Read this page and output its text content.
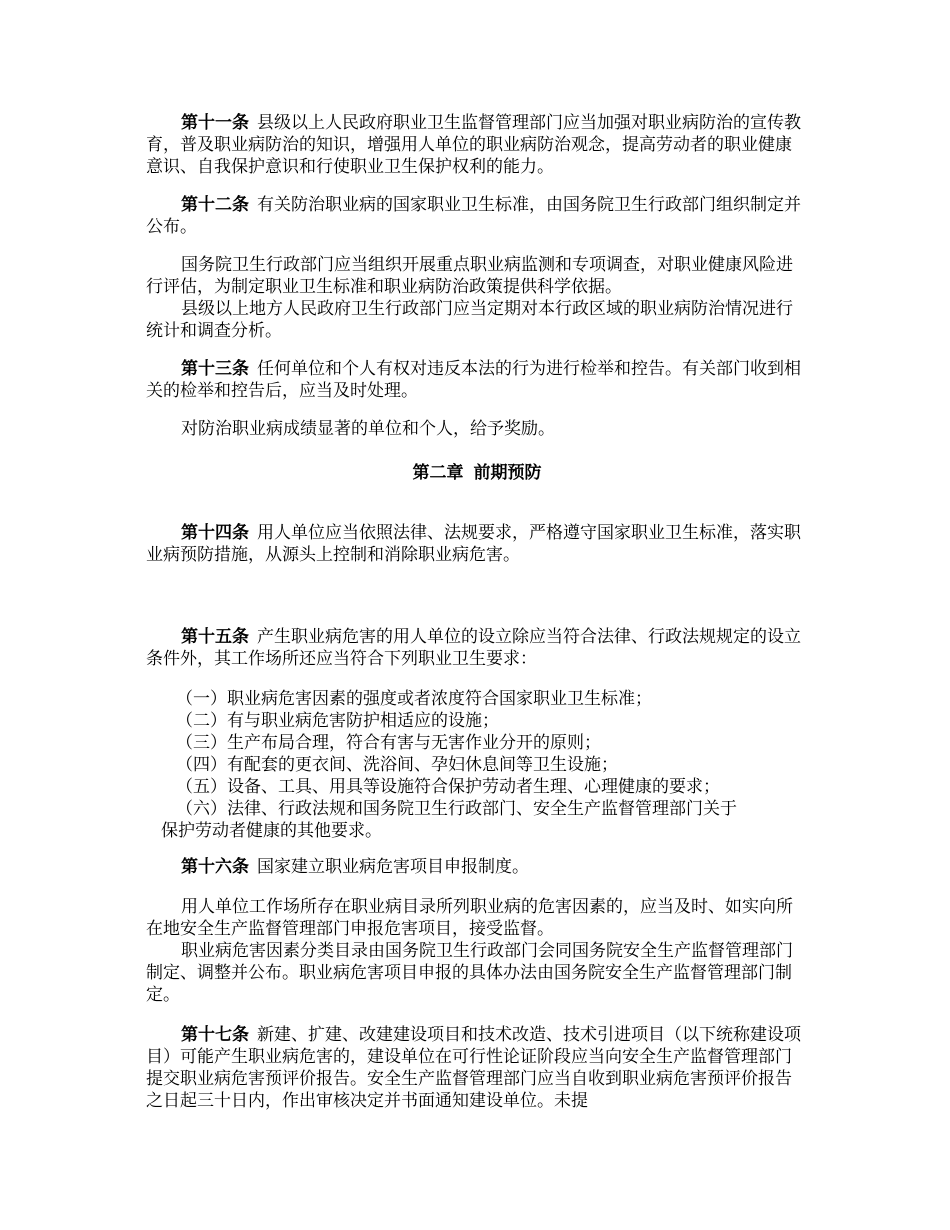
第十一条 县级以上人民政府职业卫生监督管理部门应当加强对职业病防治的宣传教育，普及职业病防治的知识，增强用人单位的职业病防治观念，提高劳动者的职业健康意识、自我保护意识和行使职业卫生保护权利的能力。

第十二条 有关防治职业病的国家职业卫生标准，由国务院卫生行政部门组织制定并公布。

国务院卫生行政部门应当组织开展重点职业病监测和专项调查，对职业健康风险进行评估，为制定职业卫生标准和职业病防治政策提供科学依据。

县级以上地方人民政府卫生行政部门应当定期对本行政区域的职业病防治情况进行统计和调查分析。

第十三条 任何单位和个人有权对违反本法的行为进行检举和控告。有关部门收到相关的检举和控告后，应当及时处理。

对防治职业病成绩显著的单位和个人，给予奖励。

第二章 前期预防

第十四条 用人单位应当依照法律、法规要求，严格遵守国家职业卫生标准，落实职业病预防措施，从源头上控制和消除职业病危害。

第十五条 产生职业病危害的用人单位的设立除应当符合法律、行政法规规定的设立条件外，其工作场所还应当符合下列职业卫生要求：

（一）职业病危害因素的强度或者浓度符合国家职业卫生标准；
（二）有与职业病危害防护相适应的设施；
（三）生产布局合理，符合有害与无害作业分开的原则；
（四）有配套的更衣间、洗浴间、孕妇休息间等卫生设施；
（五）设备、工具、用具等设施符合保护劳动者生理、心理健康的要求；
（六）法律、行政法规和国务院卫生行政部门、安全生产监督管理部门关于
保护劳动者健康的其他要求。

第十六条 国家建立职业病危害项目申报制度。

用人单位工作场所存在职业病目录所列职业病的危害因素的，应当及时、如实向所在地安全生产监督管理部门申报危害项目，接受监督。

职业病危害因素分类目录由国务院卫生行政部门会同国务院安全生产监督管理部门制定、调整并公布。职业病危害项目申报的具体办法由国务院安全生产监督管理部门制定。

第十七条 新建、扩建、改建建设项目和技术改造、技术引进项目（以下统称建设项目）可能产生职业病危害的，建设单位在可行性论证阶段应当向安全生产监督管理部门提交职业病危害预评价报告。安全生产监督管理部门应当自收到职业病危害预评价报告之日起三十日内，作出审核决定并书面通知建设单位。未提
